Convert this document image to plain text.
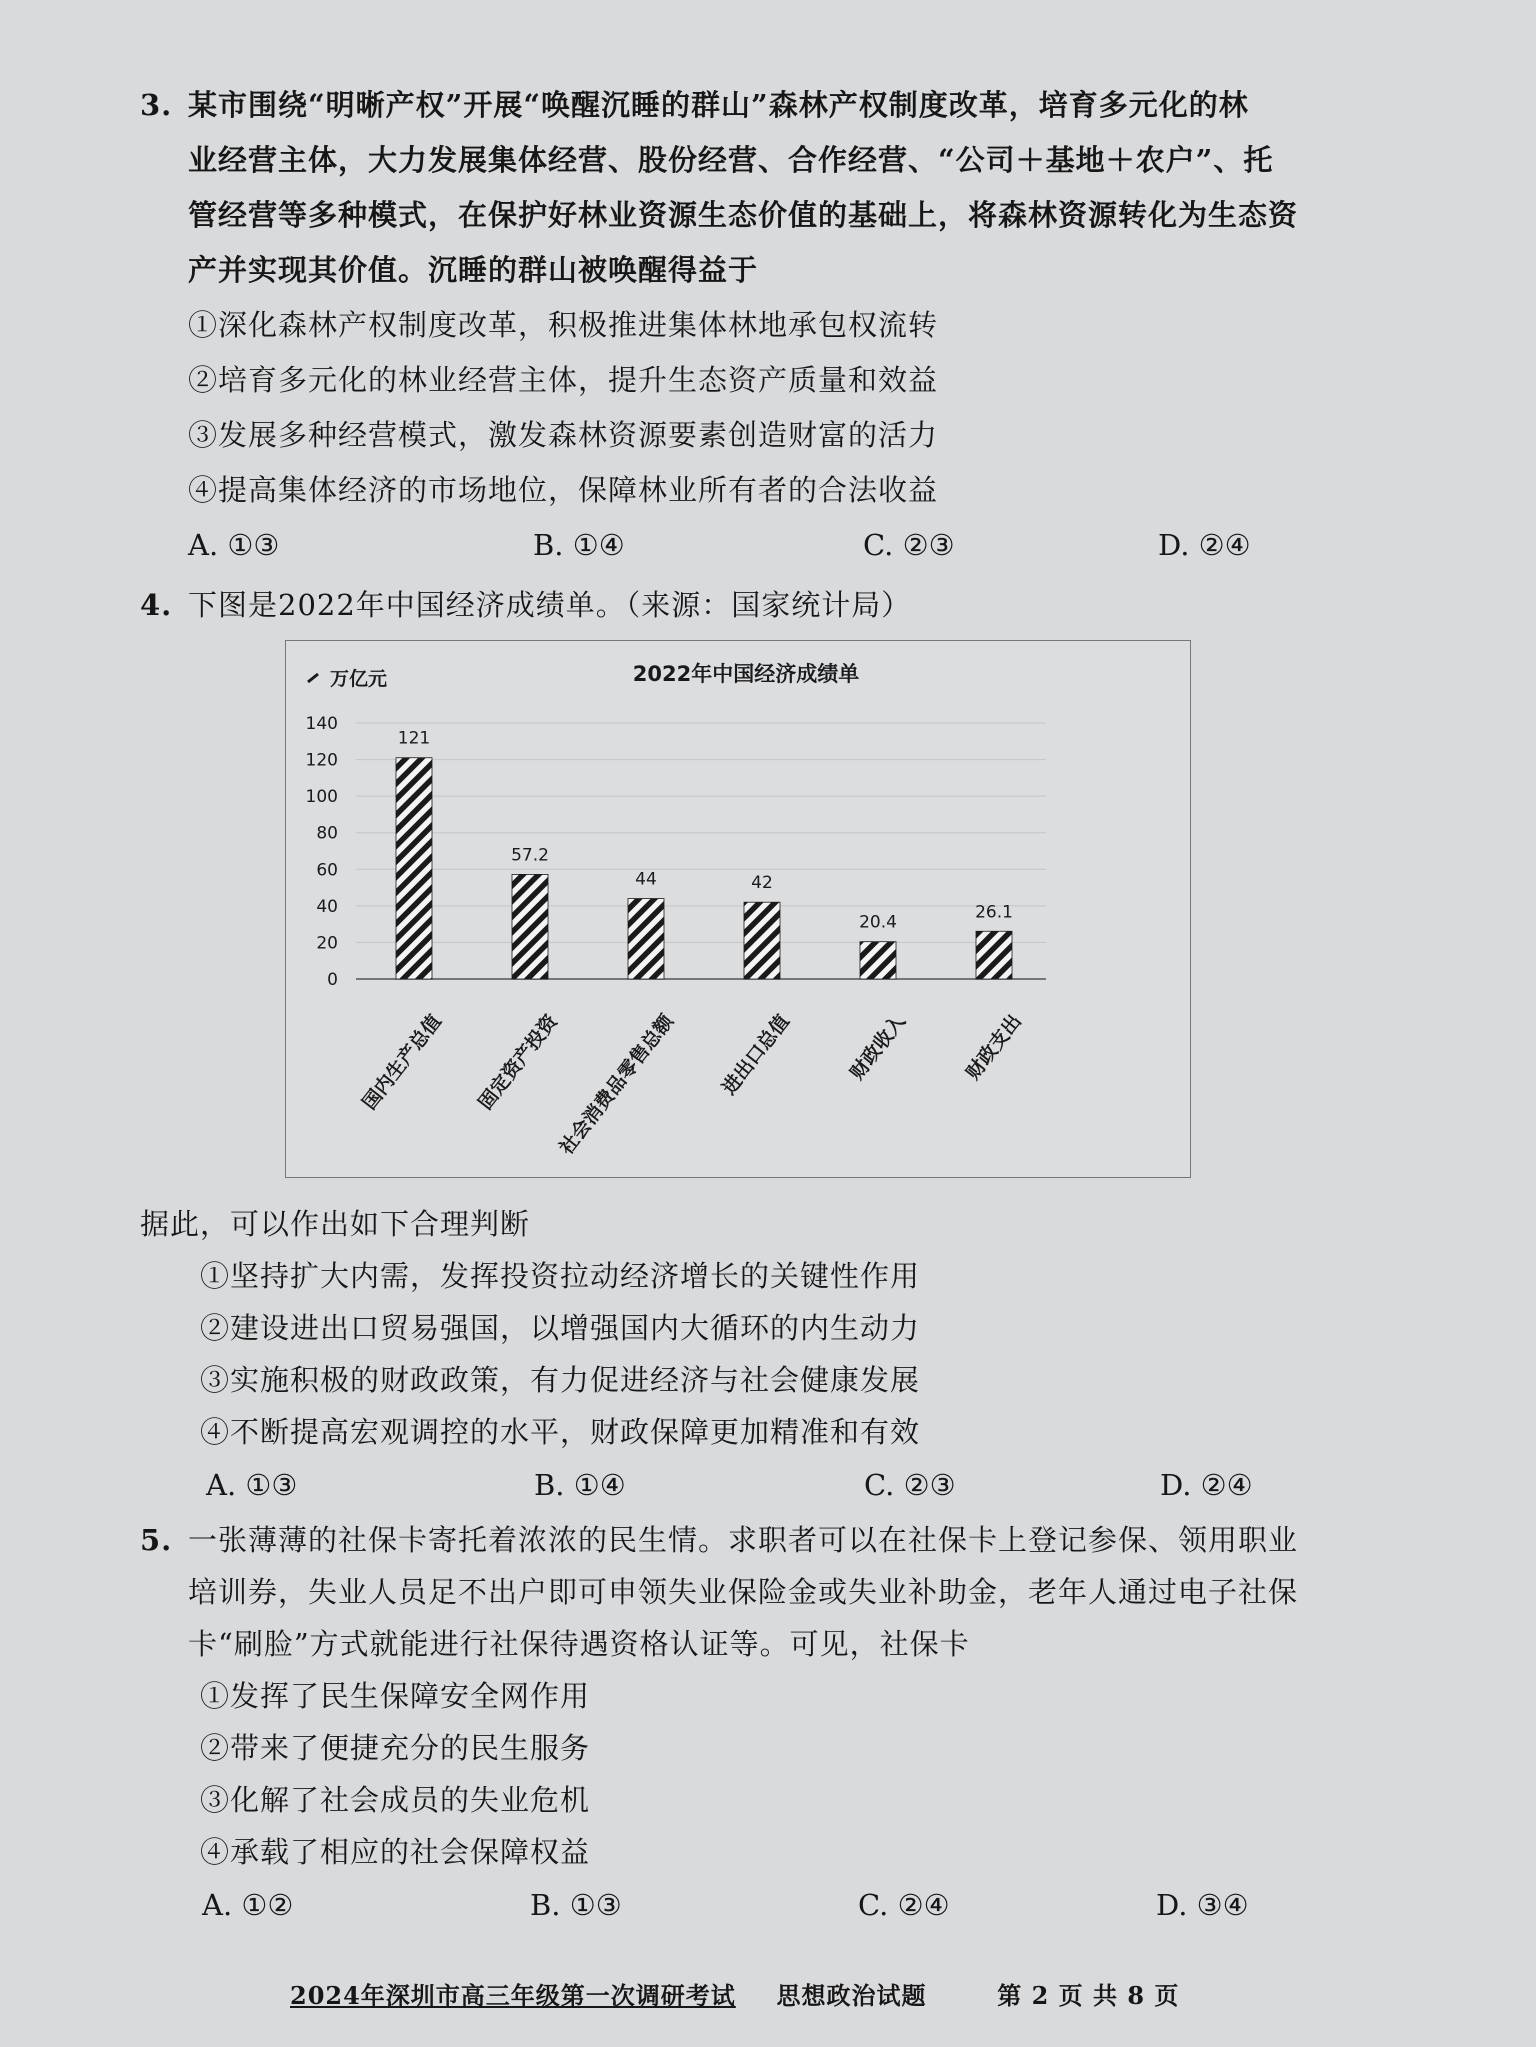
3. 某市围绕“明晰产权”开展“唤醒沉睡的群山”森林产权制度改革，培育多元化的林
业经营主体，大力发展集体经营、股份经营、合作经营、“公司＋基地＋农户”、托
管经营等多种模式，在保护好林业资源生态价值的基础上，将森林资源转化为生态资
产并实现其价值。沉睡的群山被唤醒得益于
①深化森林产权制度改革，积极推进集体林地承包权流转
②培育多元化的林业经营主体，提升生态资产质量和效益
③发展多种经营模式，激发森林资源要素创造财富的活力
④提高集体经济的市场地位，保障林业所有者的合法收益
A. ①③	B. ①④	C. ②③	D. ②④
4. 下图是2022年中国经济成绩单。（来源：国家统计局）
0
20
40
60
80
100
120
140
121
国内生产总值
57.2
固定资产投资
44
社会消费品零售总额
42
进出口总值
20.4
财政收入
26.1
财政支出
2022年中国经济成绩单
万亿元
据此，可以作出如下合理判断
①坚持扩大内需，发挥投资拉动经济增长的关键性作用
②建设进出口贸易强国，以增强国内大循环的内生动力
③实施积极的财政政策，有力促进经济与社会健康发展
④不断提高宏观调控的水平，财政保障更加精准和有效
A. ①③	B. ①④	C. ②③	D. ②④
5. 一张薄薄的社保卡寄托着浓浓的民生情。求职者可以在社保卡上登记参保、领用职业
培训券，失业人员足不出户即可申领失业保险金或失业补助金，老年人通过电子社保
卡“刷脸”方式就能进行社保待遇资格认证等。可见，社保卡
①发挥了民生保障安全网作用
②带来了便捷充分的民生服务
③化解了社会成员的失业危机
④承载了相应的社会保障权益
A. ①②	B. ①③	C. ②④	D. ③④
2024年深圳市高三年级第一次调研考试 思想政治试题	第 2 页 共 8 页
